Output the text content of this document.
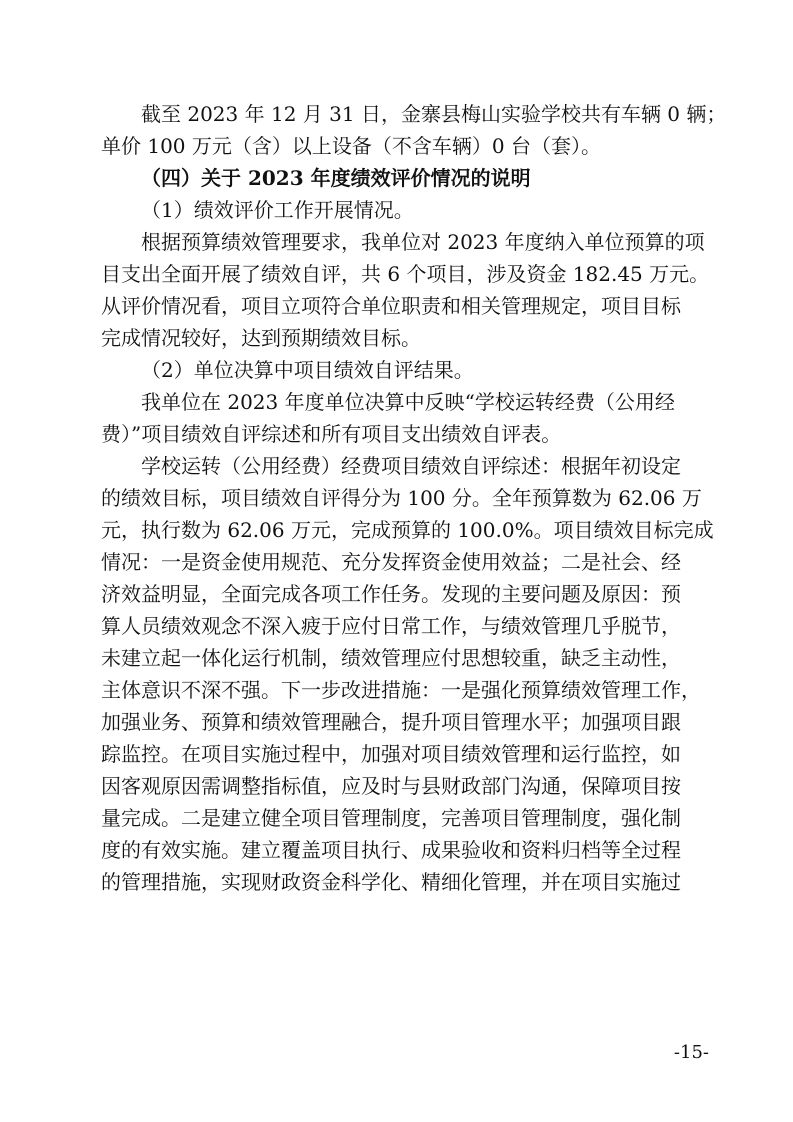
截至 2023 年 12 月 31 日，金寨县梅山实验学校共有车辆 0 辆；
单价 100 万元（含）以上设备（不含车辆）0 台（套）。
（四）关于 2023 年度绩效评价情况的说明
（1）绩效评价工作开展情况。
根据预算绩效管理要求，我单位对 2023 年度纳入单位预算的项
目支出全面开展了绩效自评，共 6 个项目，涉及资金 182.45 万元。
从评价情况看，项目立项符合单位职责和相关管理规定，项目目标
完成情况较好，达到预期绩效目标。
（2）单位决算中项目绩效自评结果。
我单位在 2023 年度单位决算中反映“学校运转经费（公用经
费）”项目绩效自评综述和所有项目支出绩效自评表。
学校运转（公用经费）经费项目绩效自评综述：根据年初设定
的绩效目标，项目绩效自评得分为 100 分。全年预算数为 62.06 万
元，执行数为 62.06 万元，完成预算的 100.0%。项目绩效目标完成
情况：一是资金使用规范、充分发挥资金使用效益；二是社会、经
济效益明显，全面完成各项工作任务。发现的主要问题及原因：预
算人员绩效观念不深入疲于应付日常工作，与绩效管理几乎脱节，
未建立起一体化运行机制，绩效管理应付思想较重，缺乏主动性，
主体意识不深不强。下一步改进措施：一是强化预算绩效管理工作，
加强业务、预算和绩效管理融合，提升项目管理水平；加强项目跟
踪监控。在项目实施过程中，加强对项目绩效管理和运行监控，如
因客观原因需调整指标值，应及时与县财政部门沟通，保障项目按
量完成。二是建立健全项目管理制度，完善项目管理制度，强化制
度的有效实施。建立覆盖项目执行、成果验收和资料归档等全过程
的管理措施，实现财政资金科学化、精细化管理，并在项目实施过
-15-
